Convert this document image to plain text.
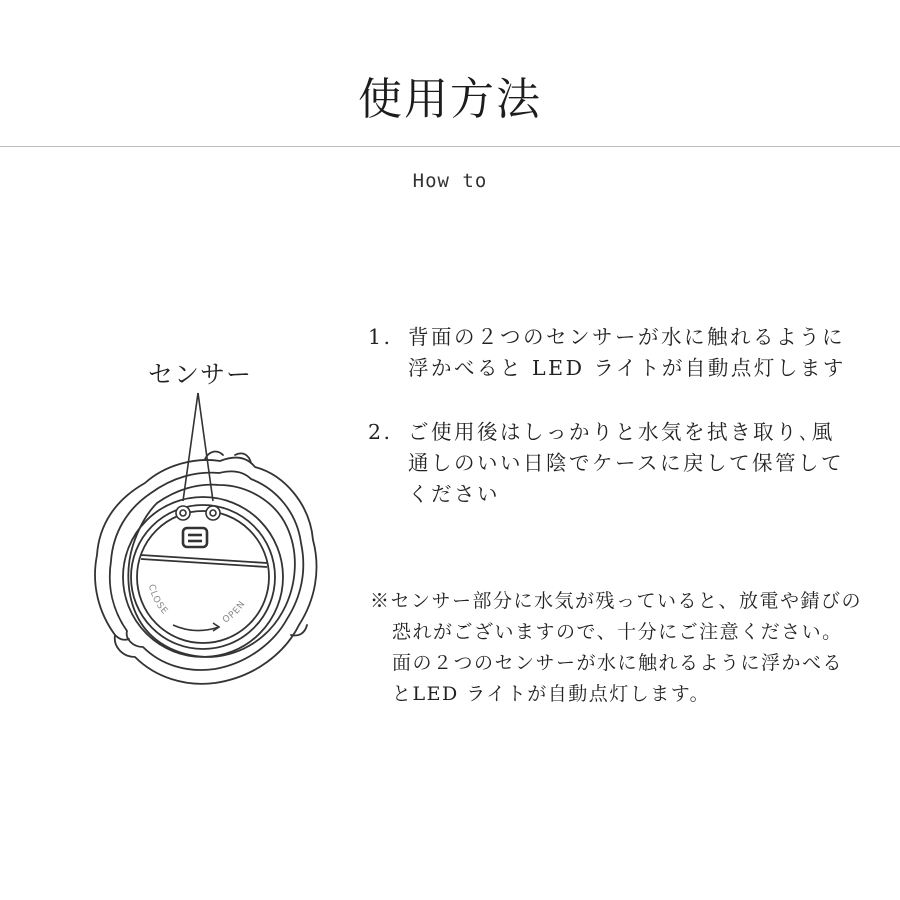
使用方法
How to
センサー
CLOSE
OPEN
1. 背面の２つのセンサーが水に触れるように浮かべると LED ライトが自動点灯します
2. ご使用後はしっかりと水気を拭き取り､風通しのいい日陰でケースに戻して保管してください
※センサー部分に水気が残っていると、放電や錆びの恐れがございますので、十分にご注意ください。面の２つのセンサーが水に触れるように浮かべるとLED ライトが自動点灯します。
